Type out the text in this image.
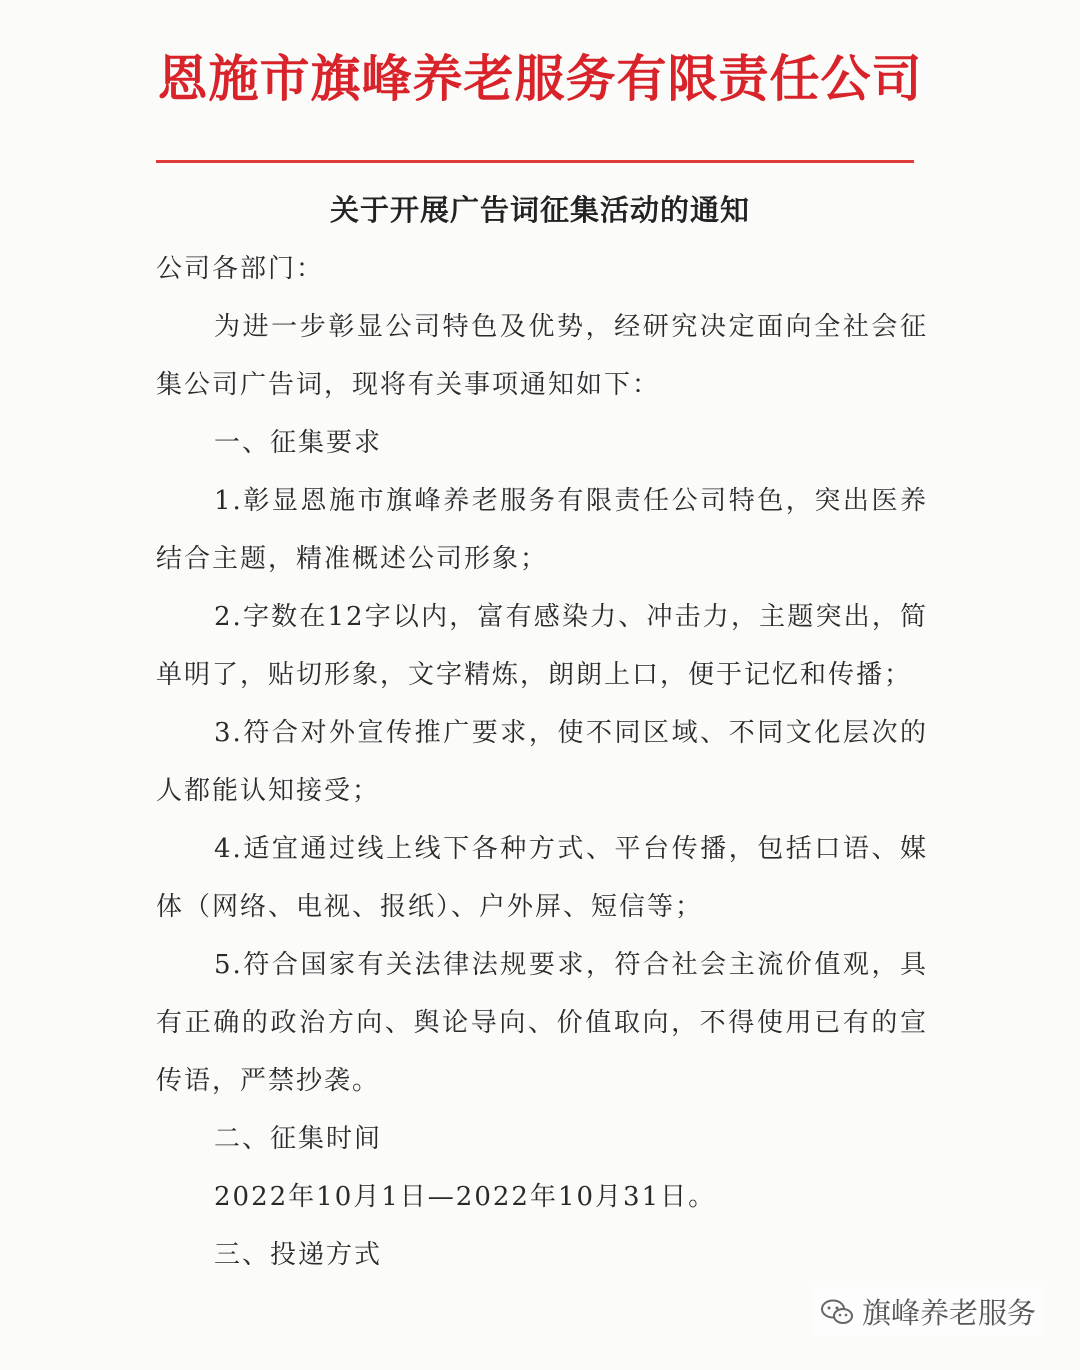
恩施市旗峰养老服务有限责任公司
关于开展广告词征集活动的通知

公司各部门：

为进一步彰显公司特色及优势，经研究决定面向全社会征集公司广告词，现将有关事项通知如下：

一、征集要求

1.彰显恩施市旗峰养老服务有限责任公司特色，突出医养结合主题，精准概述公司形象；

2.字数在12字以内，富有感染力、冲击力，主题突出，简单明了，贴切形象，文字精炼，朗朗上口，便于记忆和传播；

3.符合对外宣传推广要求，使不同区域、不同文化层次的人都能认知接受；

4.适宜通过线上线下各种方式、平台传播，包括口语、媒体（网络、电视、报纸）、户外屏、短信等；

5.符合国家有关法律法规要求，符合社会主流价值观，具有正确的政治方向、舆论导向、价值取向，不得使用已有的宣传语，严禁抄袭。

二、征集时间

2022年10月1日—2022年10月31日。

三、投递方式

旗峰养老服务
